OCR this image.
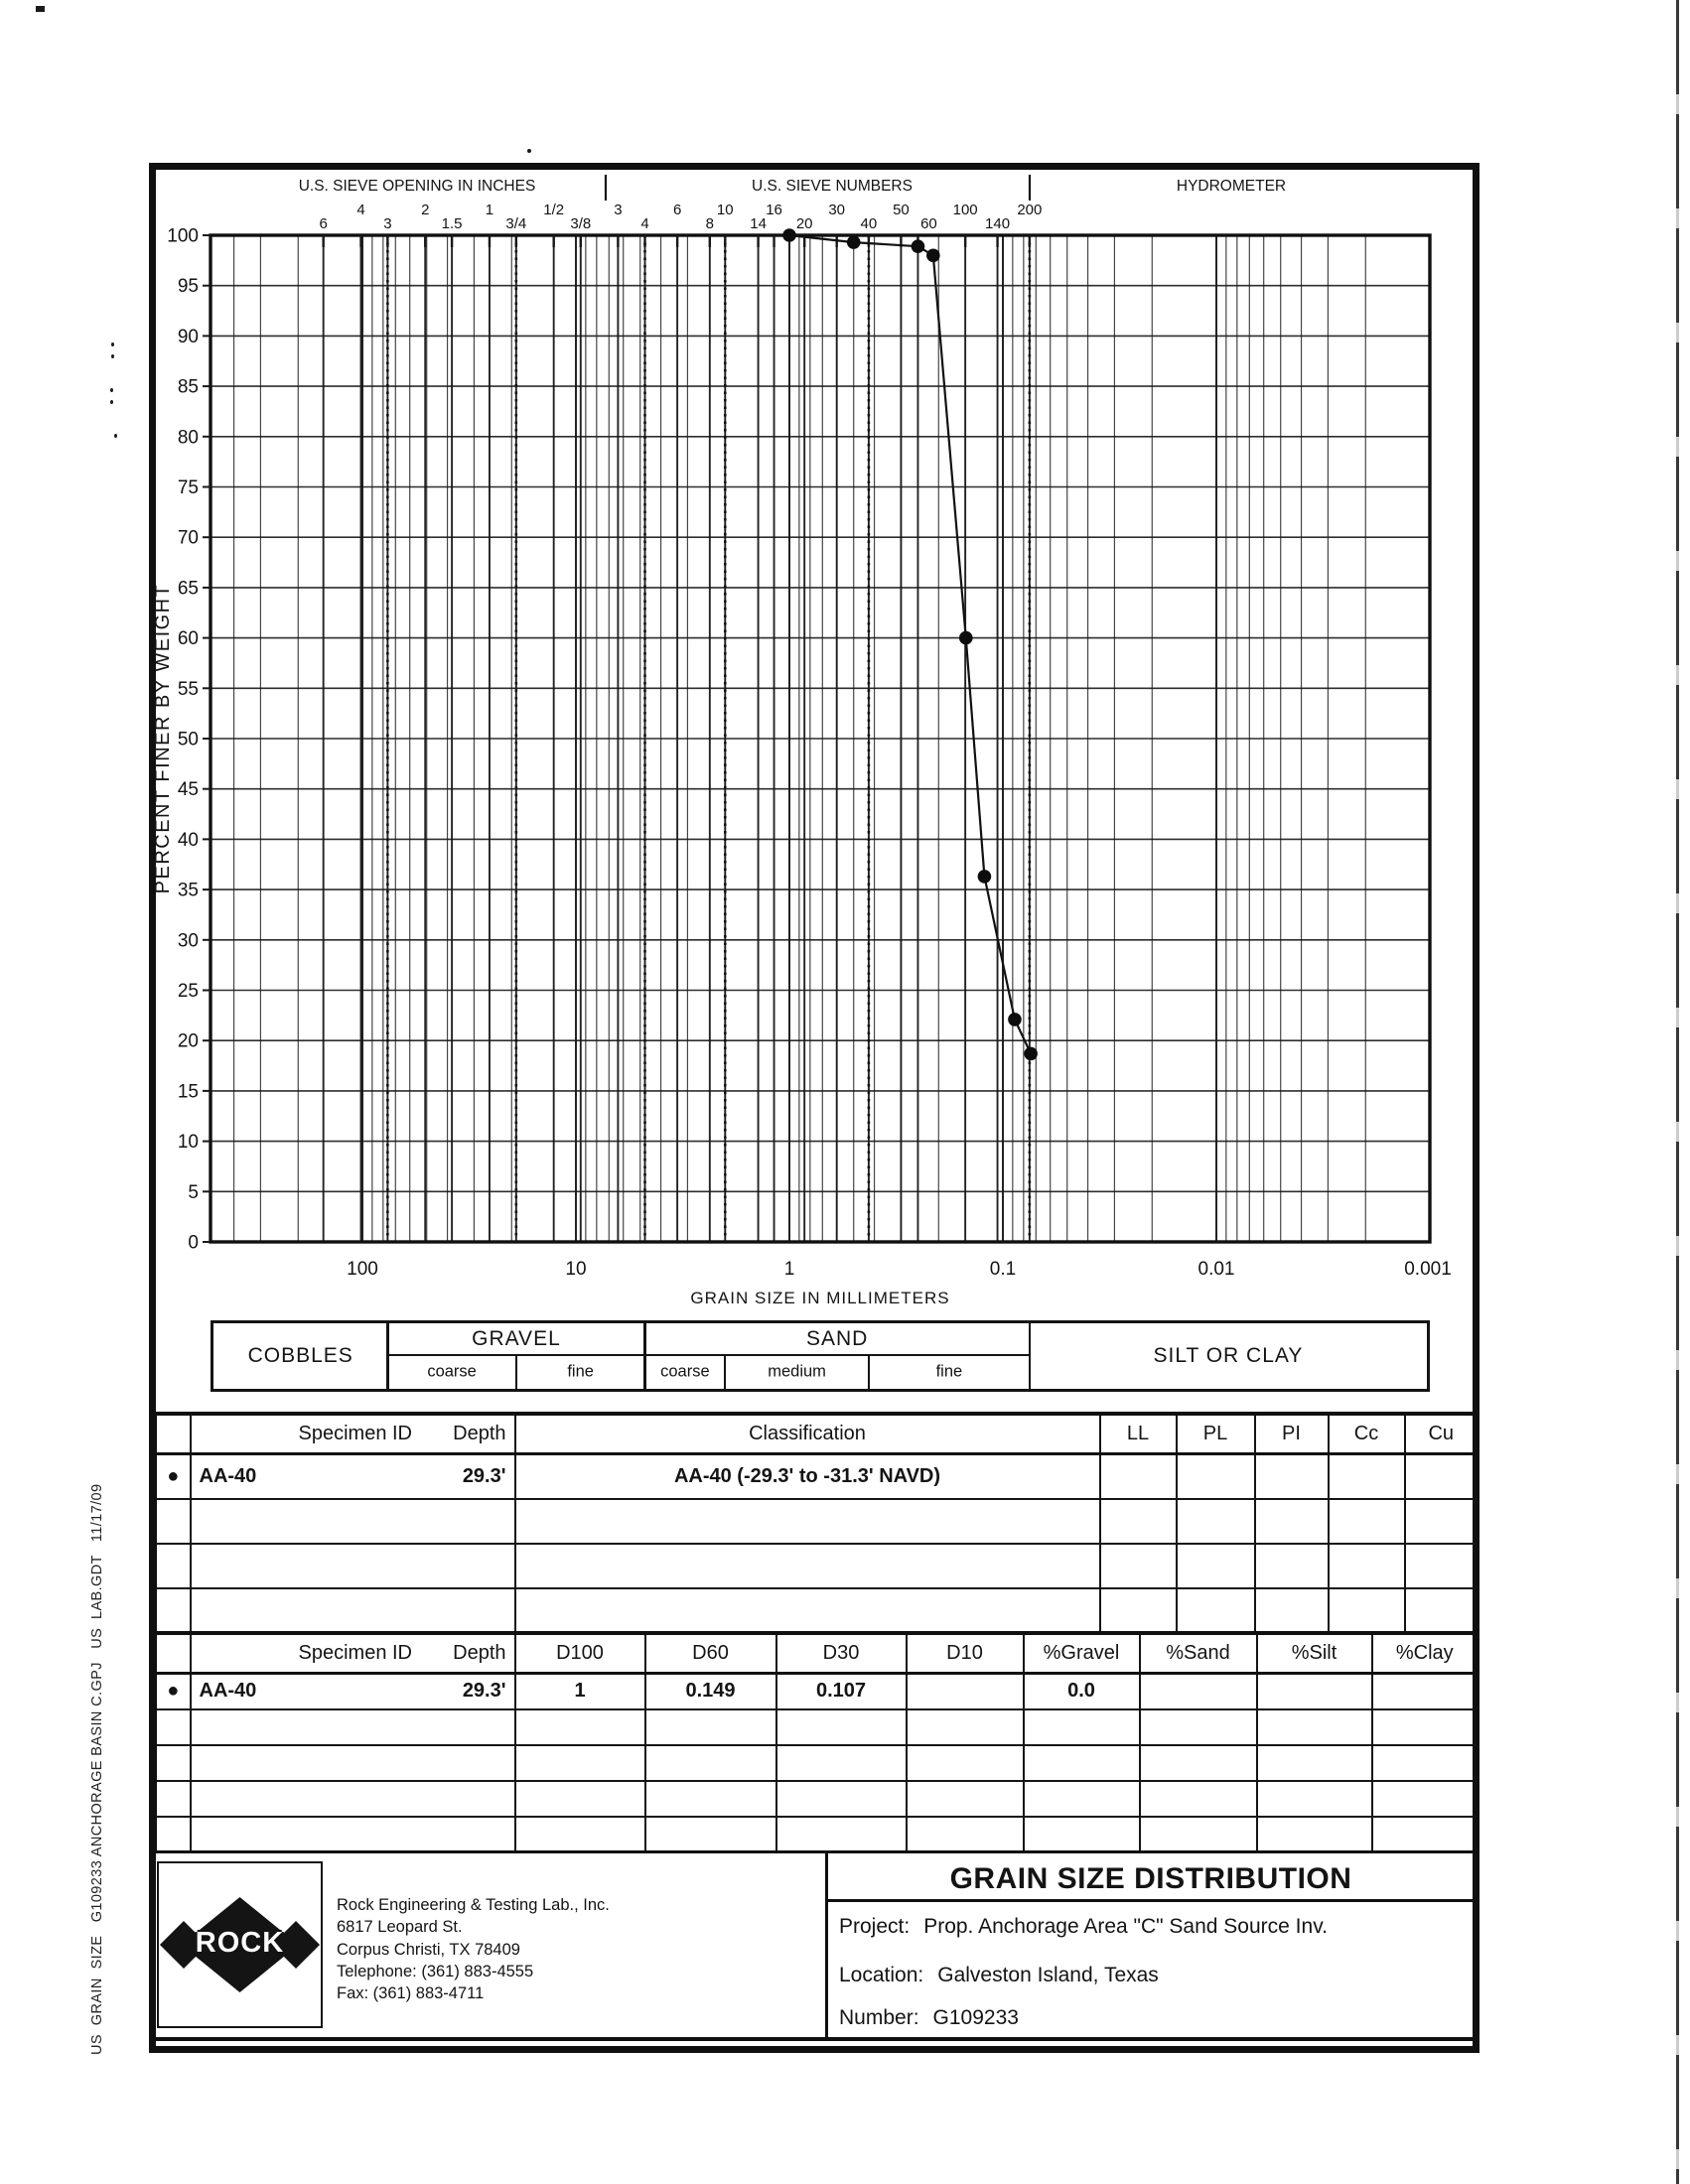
6
4
3
2
1.5
1
3/4
1/2
3/8
3
4
6
8
10
14
16
20
30
40
50
60
100
140
200
0
5
10
15
20
25
30
35
40
45
50
55
60
65
70
75
80
85
90
95
100
100	10	1	0.1	0.01	0.001
U.S. SIEVE OPENING IN INCHES	U.S. SIEVE NUMBERS	HYDROMETER
PERCENT FINER BY WEIGHT
GRAIN SIZE IN MILLIMETERS
COBBLES
GRAVEL
coarse	fine
SAND
coarse	medium	fine
SILT OR CLAY

	Specimen ID Depth	Classification	LL	PL	PI	Cc	Cu
●	AA-40 29.3'	AA-40 (-29.3' to -31.3' NAVD)					

	Specimen ID Depth	D100	D60	D30	D10	%Gravel	%Sand	%Silt	%Clay
●	AA-40 29.3'	1	0.149	0.107		0.0			

ROCK
Rock Engineering & Testing Lab., Inc.
6817 Leopard St.
Corpus Christi, TX 78409
Telephone: (361) 883-4555
Fax: (361) 883-4711
GRAIN SIZE DISTRIBUTION
Project: Prop. Anchorage Area "C" Sand Source Inv.
Location: Galveston Island, Texas
Number: G109233
US  GRAIN  SIZE   G109233 ANCHORAGE BASIN C.GPJ   US  LAB.GDT   11/17/09
